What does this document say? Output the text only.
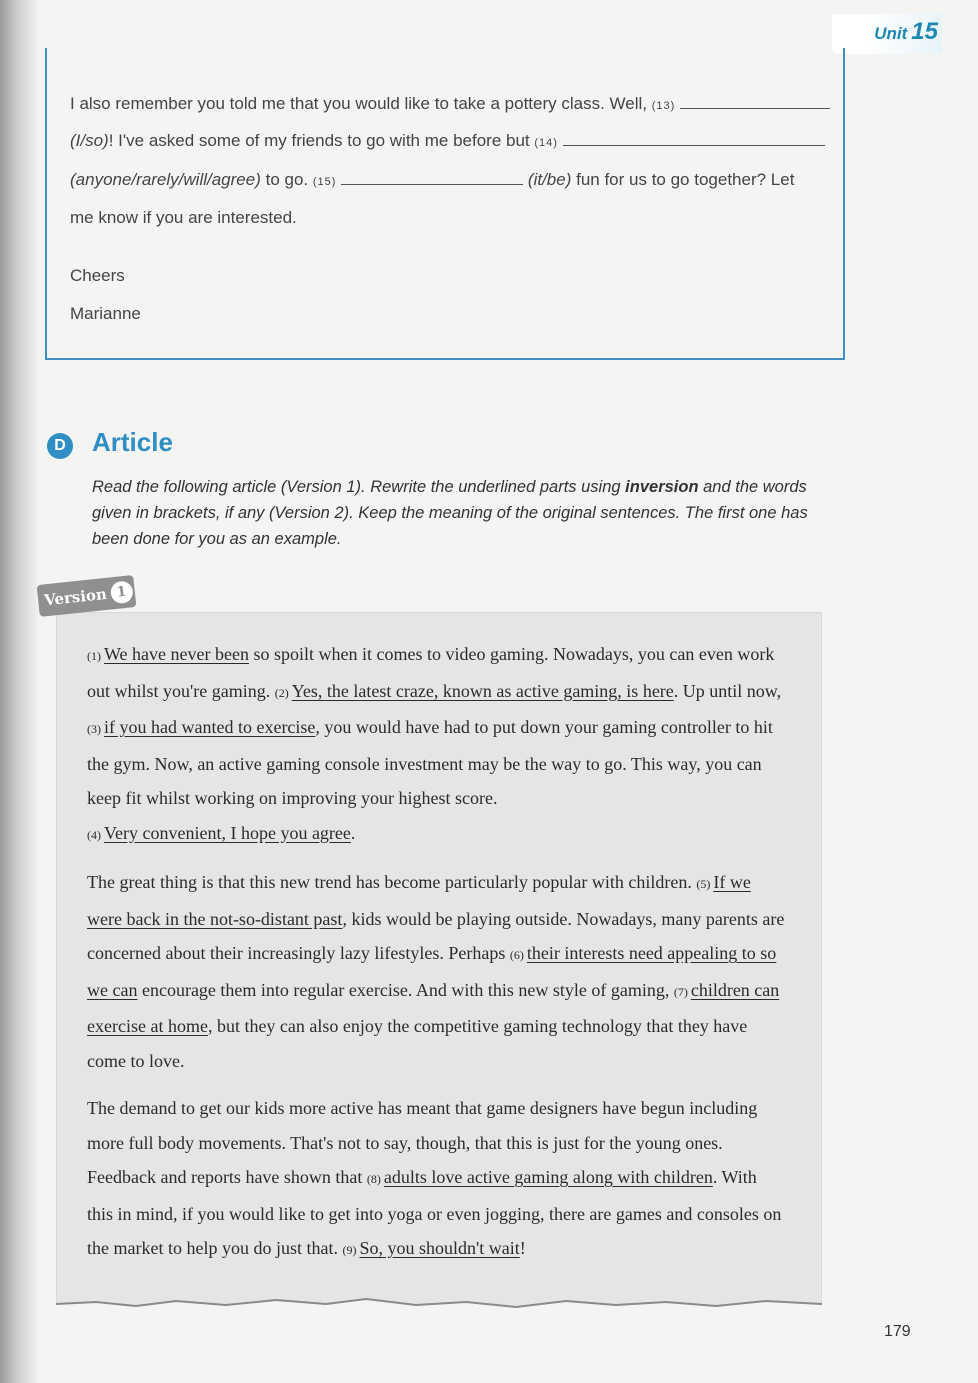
Unit 15
I also remember you told me that you would like to take a pottery class. Well, (13)
(I/so)! I've asked some of my friends to go with me before but (14)
(anyone/rarely/will/agree) to go. (15)	(it/be) fun for us to go together? Let
me know if you are interested.
Cheers
Marianne
D Article
Read the following article (Version 1). Rewrite the underlined parts using inversion and the words given in brackets, if any (Version 2). Keep the meaning of the original sentences. The first one has been done for you as an example.
Version 1

(1) We have never been so spoilt when it comes to video gaming. Nowadays, you can even work out whilst you're gaming. (2) Yes, the latest craze, known as active gaming, is here. Up until now, (3) if you had wanted to exercise, you would have had to put down your gaming controller to hit the gym. Now, an active gaming console investment may be the way to go. This way, you can keep fit whilst working on improving your highest score.
(4) Very convenient, I hope you agree.

The great thing is that this new trend has become particularly popular with children. (5) If we were back in the not-so-distant past, kids would be playing outside. Nowadays, many parents are concerned about their increasingly lazy lifestyles. Perhaps (6) their interests need appealing to so we can encourage them into regular exercise. And with this new style of gaming, (7) children can exercise at home, but they can also enjoy the competitive gaming technology that they have come to love.

The demand to get our kids more active has meant that game designers have begun including more full body movements. That's not to say, though, that this is just for the young ones. Feedback and reports have shown that (8) adults love active gaming along with children. With this in mind, if you would like to get into yoga or even jogging, there are games and consoles on the market to help you do just that. (9) So, you shouldn't wait!

179
